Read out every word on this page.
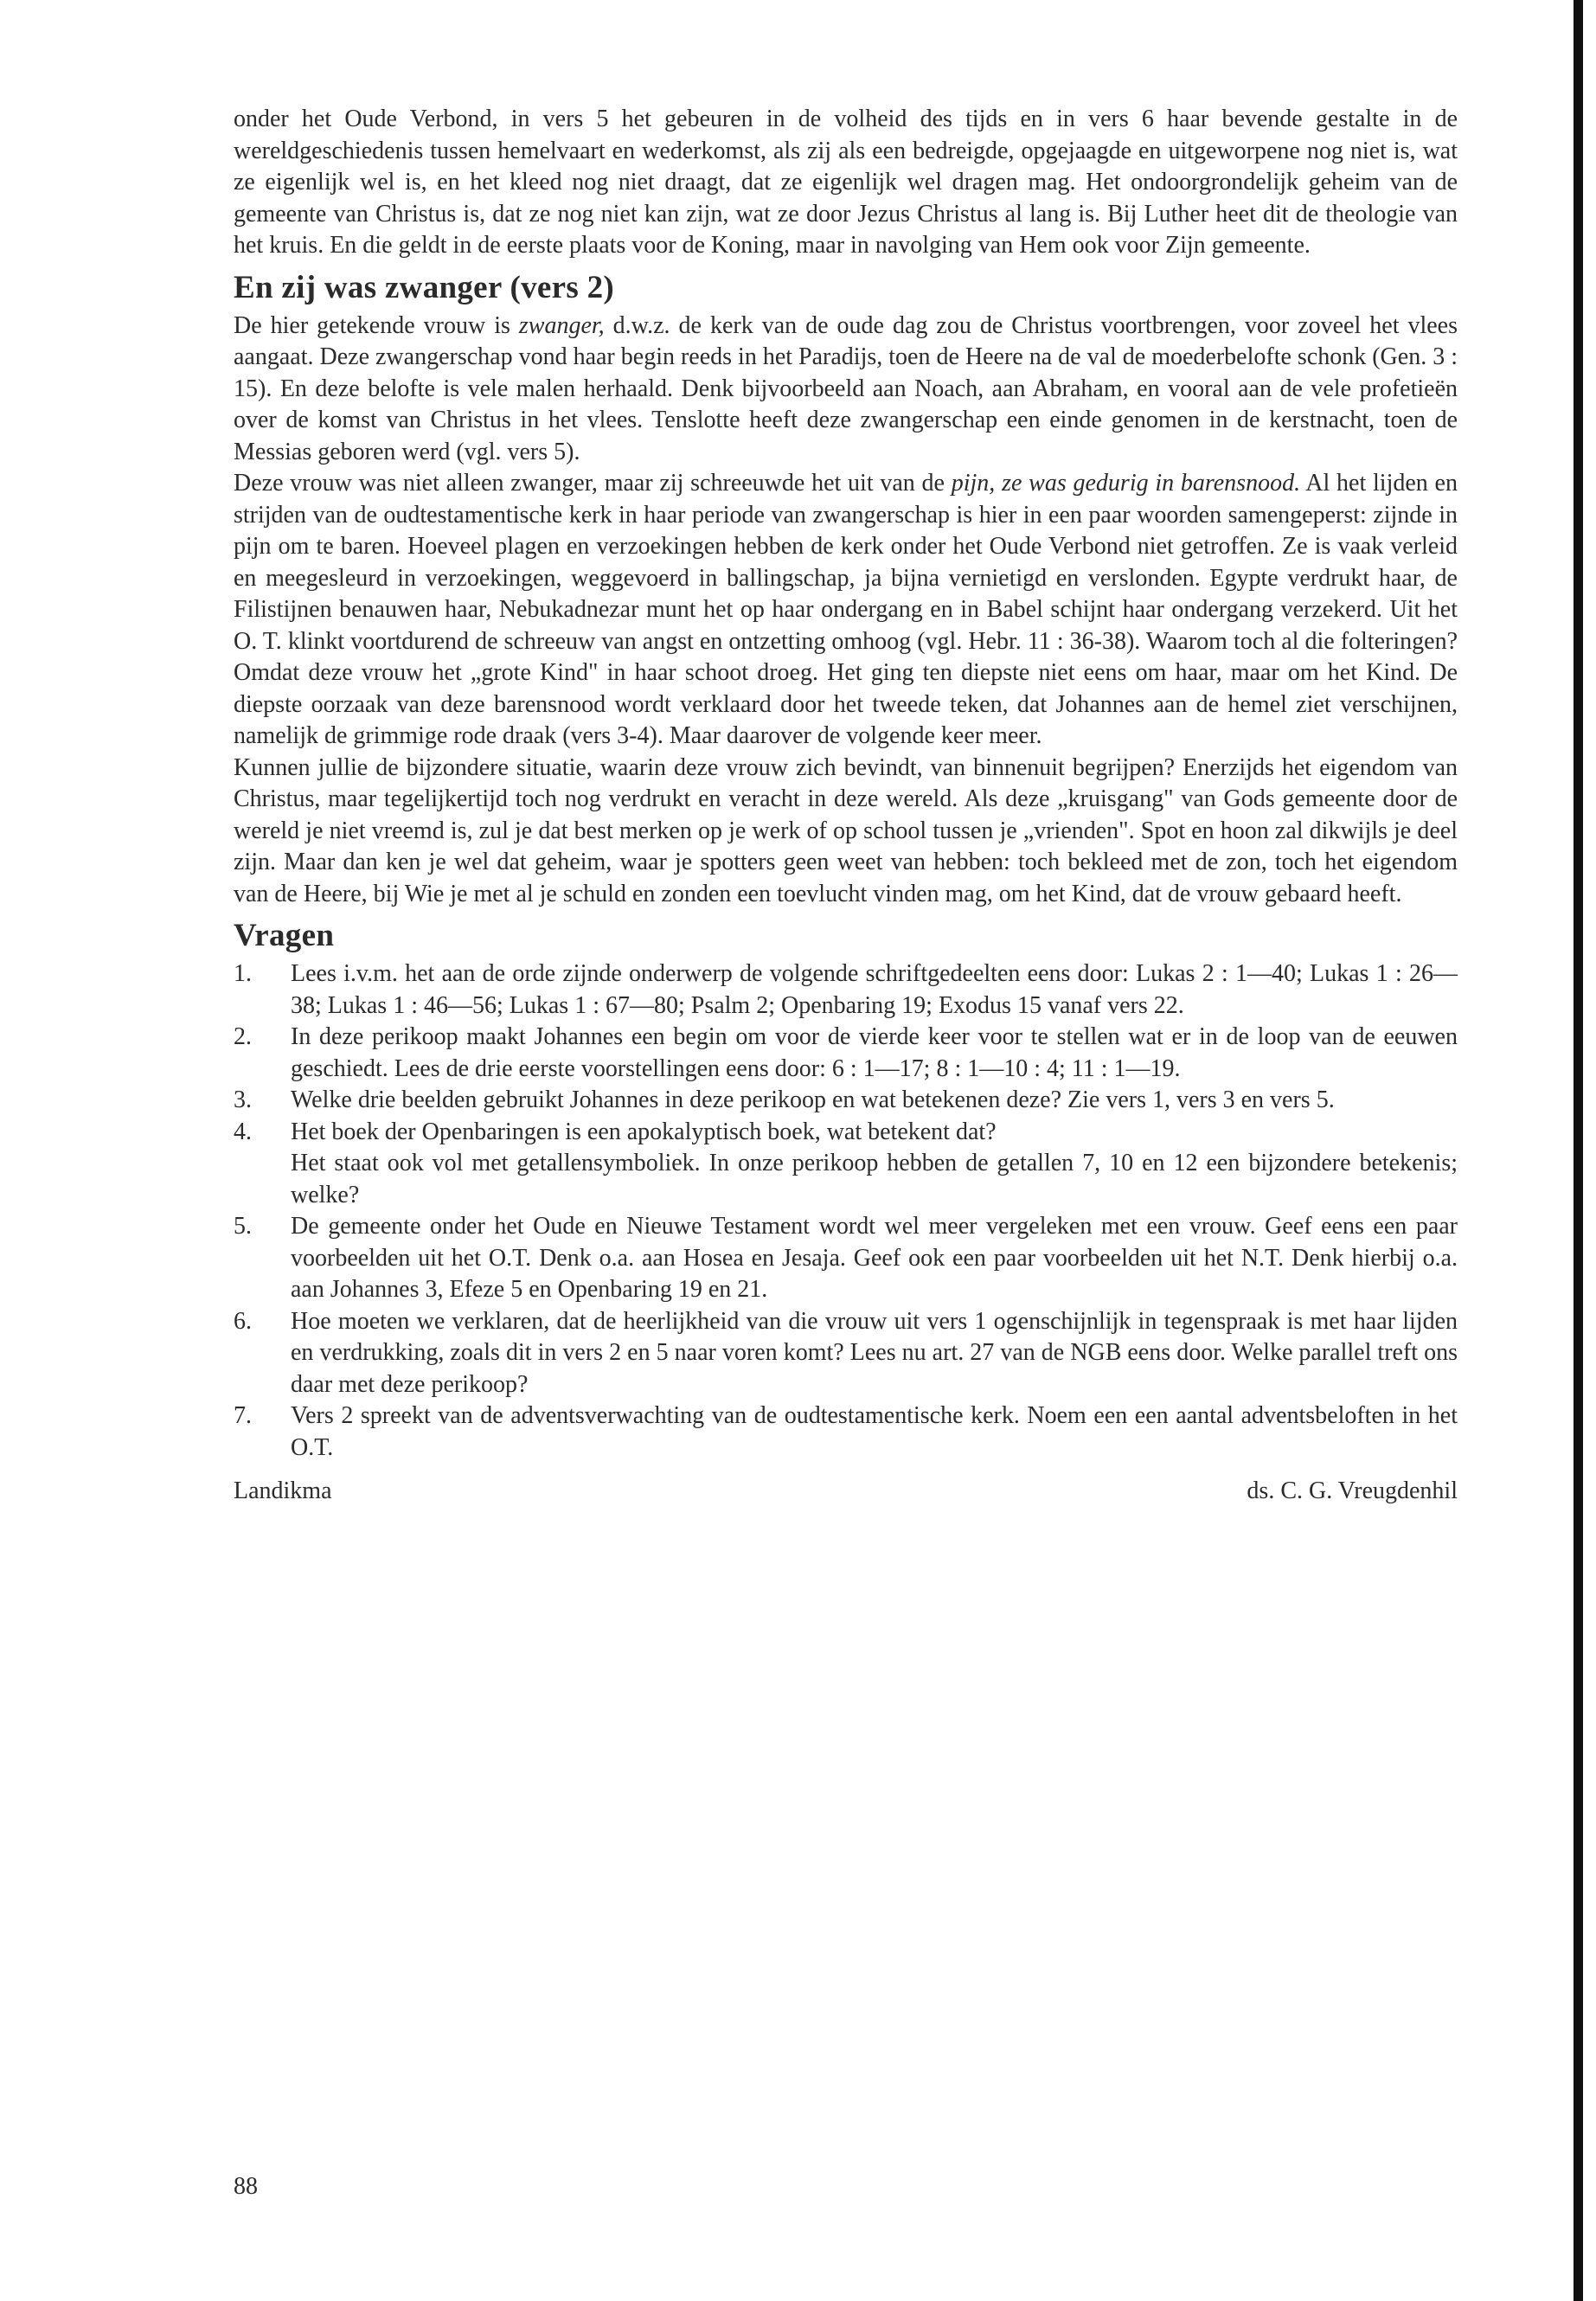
onder het Oude Verbond, in vers 5 het gebeuren in de volheid des tijds en in vers 6 haar bevende gestalte in de wereldgeschiedenis tussen hemelvaart en wederkomst, als zij als een bedreigde, opgejaagde en uitgeworpene nog niet is, wat ze eigenlijk wel is, en het kleed nog niet draagt, dat ze eigenlijk wel dragen mag. Het ondoorgrondelijk geheim van de gemeente van Christus is, dat ze nog niet kan zijn, wat ze door Jezus Christus al lang is. Bij Luther heet dit de theologie van het kruis. En die geldt in de eerste plaats voor de Koning, maar in navolging van Hem ook voor Zijn gemeente.

En zij was zwanger (vers 2)

De hier getekende vrouw is zwanger, d.w.z. de kerk van de oude dag zou de Christus voortbrengen, voor zoveel het vlees aangaat. Deze zwangerschap vond haar begin reeds in het Paradijs, toen de Heere na de val de moederbelofte schonk (Gen. 3 : 15). En deze belofte is vele malen herhaald. Denk bijvoorbeeld aan Noach, aan Abraham, en vooral aan de vele profetieën over de komst van Christus in het vlees. Tenslotte heeft deze zwangerschap een einde genomen in de kerstnacht, toen de Messias geboren werd (vgl. vers 5).

Deze vrouw was niet alleen zwanger, maar zij schreeuwde het uit van de pijn, ze was gedurig in barensnood. Al het lijden en strijden van de oudtestamentische kerk in haar periode van zwangerschap is hier in een paar woorden samengeperst: zijnde in pijn om te baren. Hoeveel plagen en verzoekingen hebben de kerk onder het Oude Verbond niet getroffen. Ze is vaak verleid en meegesleurd in verzoekingen, weggevoerd in ballingschap, ja bijna vernietigd en verslonden. Egypte verdrukt haar, de Filistijnen benauwen haar, Nebukadnezar munt het op haar ondergang en in Babel schijnt haar ondergang verzekerd. Uit het O. T. klinkt voortdurend de schreeuw van angst en ontzetting omhoog (vgl. Hebr. 11 : 36-38). Waarom toch al die folteringen? Omdat deze vrouw het „grote Kind" in haar schoot droeg. Het ging ten diepste niet eens om haar, maar om het Kind. De diepste oorzaak van deze barensnood wordt verklaard door het tweede teken, dat Johannes aan de hemel ziet verschijnen, namelijk de grimmige rode draak (vers 3-4). Maar daarover de volgende keer meer.

Kunnen jullie de bijzondere situatie, waarin deze vrouw zich bevindt, van binnenuit begrijpen? Enerzijds het eigendom van Christus, maar tegelijkertijd toch nog verdrukt en veracht in deze wereld. Als deze „kruisgang" van Gods gemeente door de wereld je niet vreemd is, zul je dat best merken op je werk of op school tussen je „vrienden". Spot en hoon zal dikwijls je deel zijn. Maar dan ken je wel dat geheim, waar je spotters geen weet van hebben: toch bekleed met de zon, toch het eigendom van de Heere, bij Wie je met al je schuld en zonden een toevlucht vinden mag, om het Kind, dat de vrouw gebaard heeft.

Vragen
1.	Lees i.v.m. het aan de orde zijnde onderwerp de volgende schriftgedeelten eens door: Lukas 2 : 1—40; Lukas 1 : 26—38; Lukas 1 : 46—56; Lukas 1 : 67—80; Psalm 2; Openbaring 19; Exodus 15 vanaf vers 22.
2.	In deze perikoop maakt Johannes een begin om voor de vierde keer voor te stellen wat er in de loop van de eeuwen geschiedt. Lees de drie eerste voorstellingen eens door: 6 : 1—17; 8 : 1—10 : 4; 11 : 1—19.
3.	Welke drie beelden gebruikt Johannes in deze perikoop en wat betekenen deze? Zie vers 1, vers 3 en vers 5.
4.	Het boek der Openbaringen is een apokalyptisch boek, wat betekent dat?
Het staat ook vol met getallensymboliek. In onze perikoop hebben de getallen 7, 10 en 12 een bijzondere betekenis; welke?
5.	De gemeente onder het Oude en Nieuwe Testament wordt wel meer vergeleken met een vrouw. Geef eens een paar voorbeelden uit het O.T. Denk o.a. aan Hosea en Jesaja. Geef ook een paar voorbeelden uit het N.T. Denk hierbij o.a. aan Johannes 3, Efeze 5 en Openbaring 19 en 21.
6.	Hoe moeten we verklaren, dat de heerlijkheid van die vrouw uit vers 1 ogenschijnlijk in tegenspraak is met haar lijden en verdrukking, zoals dit in vers 2 en 5 naar voren komt? Lees nu art. 27 van de NGB eens door. Welke parallel treft ons daar met deze perikoop?
7.	Vers 2 spreekt van de adventsverwachting van de oudtestamentische kerk. Noem een een aantal adventsbeloften in het O.T.
Landikma	ds. C. G. Vreugdenhil
88
